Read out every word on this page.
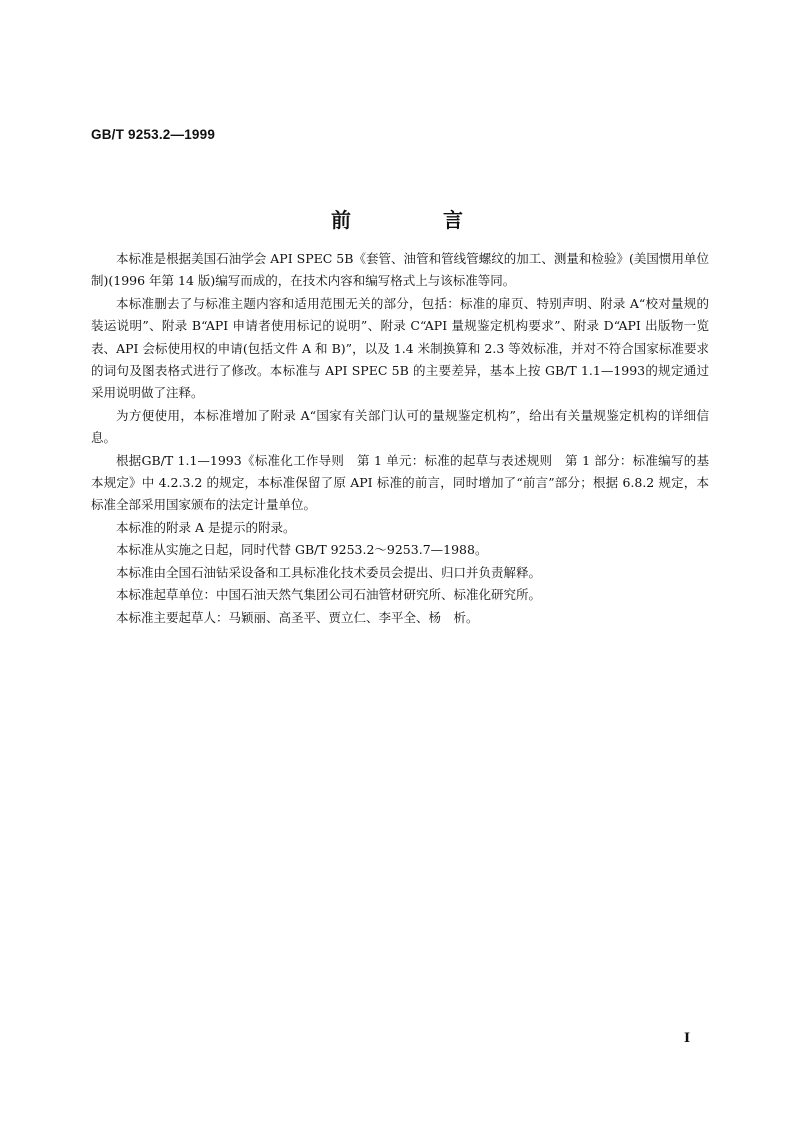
GB/T 9253.2—1999
前　言

本标准是根据美国石油学会 API SPEC 5B《套管、油管和管线管螺纹的加工、测量和检验》(美国惯用单位制)(1996 年第 14 版)编写而成的，在技术内容和编写格式上与该标准等同。

本标准删去了与标准主题内容和适用范围无关的部分，包括：标准的扉页、特别声明、附录 A“校对量规的装运说明”、附录 B“API 申请者使用标记的说明”、附录 C“API 量规鉴定机构要求”、附录 D“API 出版物一览表、API 会标使用权的申请(包括文件 A 和 B)”，以及 1.4 米制换算和 2.3 等效标准，并对不符合国家标准要求的词句及图表格式进行了修改。本标准与 API SPEC 5B 的主要差异，基本上按 GB/T 1.1—1993的规定通过采用说明做了注释。

为方便使用，本标准增加了附录 A“国家有关部门认可的量规鉴定机构”，给出有关量规鉴定机构的详细信息。

根据GB/T 1.1—1993《标准化工作导则　第 1 单元：标准的起草与表述规则　第 1 部分：标准编写的基本规定》中 4.2.3.2 的规定，本标准保留了原 API 标准的前言，同时增加了“前言”部分；根据 6.8.2 规定，本标准全部采用国家颁布的法定计量单位。

本标准的附录 A 是提示的附录。

本标准从实施之日起，同时代替 GB/T 9253.2～9253.7—1988。

本标准由全国石油钻采设备和工具标准化技术委员会提出、归口并负责解释。

本标准起草单位：中国石油天然气集团公司石油管材研究所、标准化研究所。

本标准主要起草人：马颖丽、高圣平、贾立仁、李平全、杨　析。

I
